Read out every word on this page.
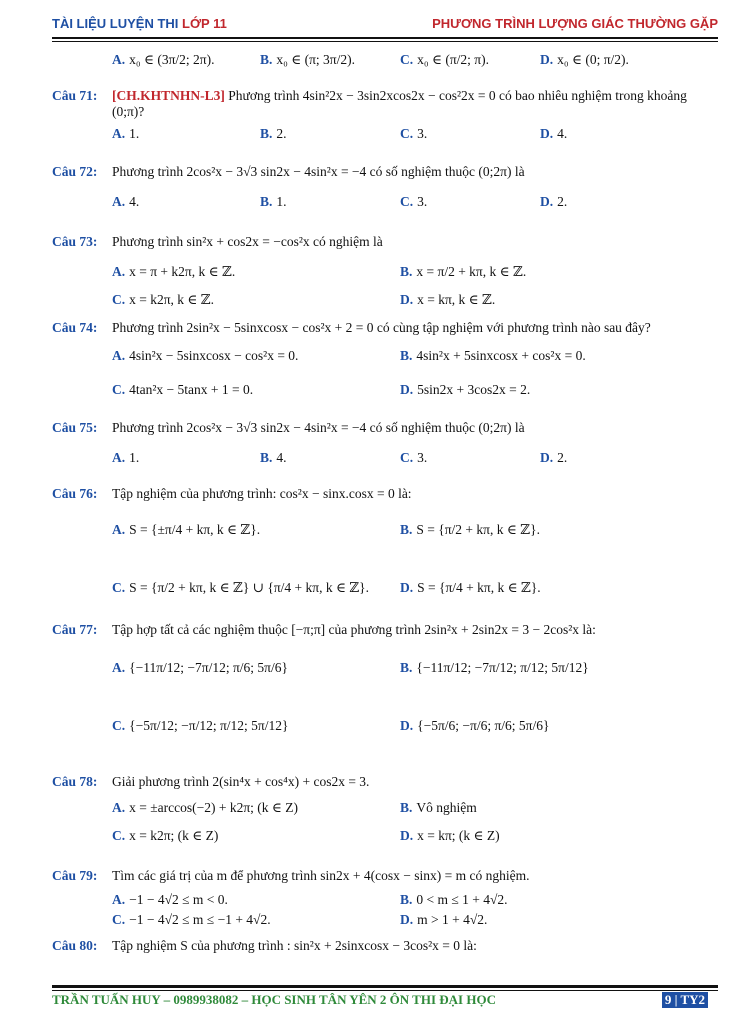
TÀI LIỆU LUYỆN THI LỚP 11	PHƯƠNG TRÌNH LƯỢNG GIÁC THƯỜNG GẶP
A. x₀ ∈ (3π/2; 2π).	B. x₀ ∈ (π; 3π/2).	C. x₀ ∈ (π/2; π).	D. x₀ ∈ (0; π/2).
Câu 71:	[CH.KHTNHN-L3] Phương trình 4sin²2x − 3sin2xcos2x − cos²2x = 0 có bao nhiêu nghiệm trong khoảng (0;π)?
A. 1.	B. 2.	C. 3.	D. 4.
Câu 72:	Phương trình 2cos²x − 3√3 sin2x − 4sin²x = −4 có số nghiệm thuộc (0;2π) là
A. 4.	B. 1.	C. 3.	D. 2.
Câu 73:	Phương trình sin²x + cos2x = −cos²x có nghiệm là
A. x = π + k2π, k ∈ ℤ.	B. x = π/2 + kπ, k ∈ ℤ.
C. x = k2π, k ∈ ℤ.	D. x = kπ, k ∈ ℤ.
Câu 74:	Phương trình 2sin²x − 5sinxcosx − cos²x + 2 = 0 có cùng tập nghiệm với phương trình nào sau đây?
A. 4sin²x − 5sinxcosx − cos²x = 0.	B. 4sin²x + 5sinxcosx + cos²x = 0.
C. 4tan²x − 5tanx + 1 = 0.	D. 5sin2x + 3cos2x = 2.
Câu 75:	Phương trình 2cos²x − 3√3 sin2x − 4sin²x = −4 có số nghiệm thuộc (0;2π) là
A. 1.	B. 4.	C. 3.	D. 2.
Câu 76:	Tập nghiệm của phương trình: cos²x − sinx.cosx = 0 là:
A. S = {±π/4 + kπ, k ∈ ℤ}.	B. S = {π/2 + kπ, k ∈ ℤ}.
C. S = {π/2 + kπ, k ∈ ℤ} ∪ {π/4 + kπ, k ∈ ℤ}. D. S = {π/4 + kπ, k ∈ ℤ}.
Câu 77:	Tập hợp tất cả các nghiệm thuộc [−π;π] của phương trình 2sin²x + 2sin2x = 3 − 2cos²x là:
A. {−11π/12; −7π/12; π/6; 5π/6}	B. {−11π/12; −7π/12; π/12; 5π/12}
C. {−5π/12; −π/12; π/12; 5π/12}	D. {−5π/6; −π/6; π/6; 5π/6}
Câu 78:	Giải phương trình 2(sin⁴x + cos⁴x) + cos2x = 3.
A. x = ±arccos(−2) + k2π; (k ∈ Z)	B. Vô nghiệm
C. x = k2π; (k ∈ Z)	D. x = kπ; (k ∈ Z)
Câu 79:	Tìm các giá trị của m để phương trình sin2x + 4(cosx − sinx) = m có nghiệm.
A. −1 − 4√2 ≤ m < 0.	B. 0 < m ≤ 1 + 4√2.
C. −1 − 4√2 ≤ m ≤ −1 + 4√2.	D. m > 1 + 4√2.
Câu 80:	Tập nghiệm S của phương trình : sin²x + 2sinxcosx − 3cos²x = 0 là:
TRẦN TUẤN HUY – 0989938082 – HỌC SINH TÂN YÊN 2 ÔN THI ĐẠI HỌC	9 | TY2
